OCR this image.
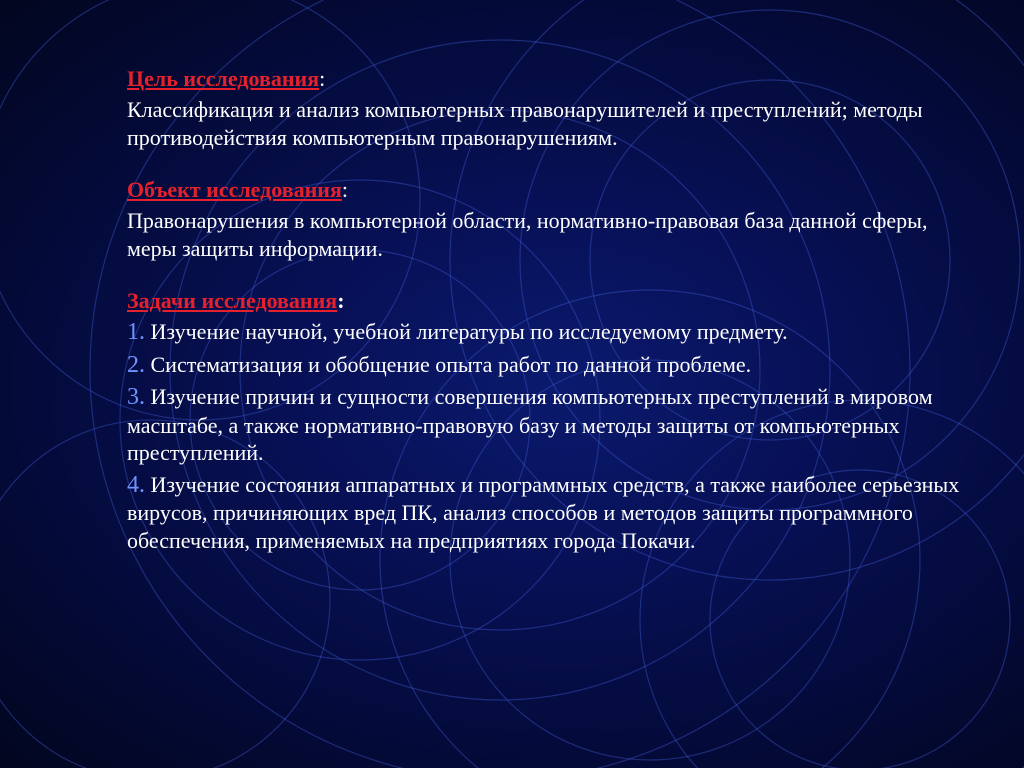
Цель исследования:

Классификация и анализ компьютерных правонарушителей и преступлений; методы противодействия компьютерным правонарушениям.

Объект исследования:

Правонарушения в компьютерной области, нормативно-правовая база данной сферы, меры защиты информации.

Задачи исследования:

1. Изучение научной, учебной литературы по исследуемому предмету.

2. Систематизация и обобщение опыта работ по данной проблеме.

3. Изучение причин и сущности совершения компьютерных преступлений в мировом масштабе, а также нормативно-правовую базу и методы защиты от компьютерных преступлений.

4. Изучение состояния аппаратных и программных средств, а также наиболее серьезных вирусов, причиняющих вред ПК, анализ способов и методов защиты программного обеспечения, применяемых на предприятиях города Покачи.
